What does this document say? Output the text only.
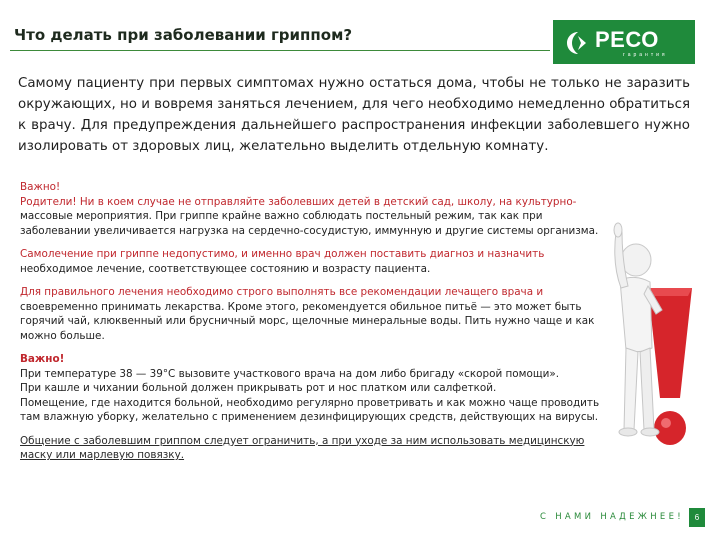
Что делать при заболевании гриппом?	РЕСО
гарантия
Самому пациенту при первых симптомах нужно остаться дома, чтобы не только не заразить окружающих, но и вовремя заняться лечением, для чего необходимо немедленно обратиться к врачу. Для предупреждения дальнейшего распространения инфекции заболевшего нужно изолировать от здоровых лиц, желательно выделить отдельную комнату.
Важно!
Родители! Ни в коем случае не отправляйте заболевших детей в детский сад, школу, на культурно-
массовые мероприятия. При гриппе крайне важно соблюдать постельный режим, так как при
заболевании увеличивается нагрузка на сердечно-сосудистую, иммунную и другие системы организма.
Самолечение при гриппе недопустимо, и именно врач должен поставить диагноз и назначить
необходимое лечение, соответствующее состоянию и возрасту пациента.
Для правильного лечения необходимо строго выполнять все рекомендации лечащего врача и
своевременно принимать лекарства. Кроме этого, рекомендуется обильное питьё — это может быть
горячий чай, клюквенный или брусничный морс, щелочные минеральные воды. Пить нужно чаще и как
можно больше.
Важно!
При температуре 38 — 39°С вызовите участкового врача на дом либо бригаду «скорой помощи».
При кашле и чихании больной должен прикрывать рот и нос платком или салфеткой.
Помещение, где находится больной, необходимо регулярно проветривать и как можно чаще проводить
там влажную уборку, желательно с применением дезинфицирующих средств, действующих на вирусы.
Общение с заболевшим гриппом следует ограничить, а при уходе за ним использовать медицинскую
маску или марлевую повязку.
С НАМИ НАДЕЖНЕЕ!	6
